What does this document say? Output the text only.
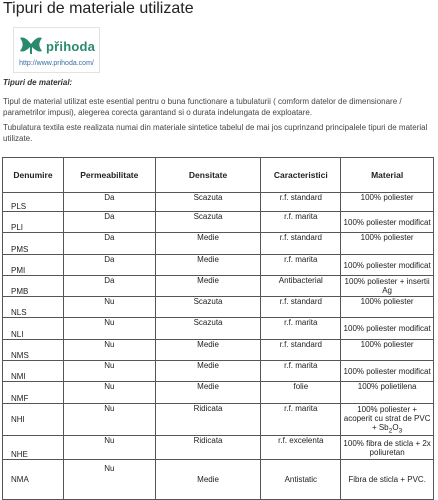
Tipuri de materiale utilizate
přihoda
http://www.prihoda.com/
Tipuri de material:
Tipul de material utilizat este esential pentru o buna functionare a tubulaturii ( comform datelor de dimensionare / parametrilor impusi), alegerea corecta garantand si o durata indelungata de exploatare.
Tubulatura textila este realizata numai din materiale sintetice tabelul de mai jos cuprinzand principalele tipuri de material utilizate.
Denumire	Permeabilitate	Densitate	Caracteristici	Material
PLS	Da	Scazuta	r.f. standard	100% poliester
PLI	Da	Scazuta	r.f. marita	100% poliester modificat
PMS	Da	Medie	r.f. standard	100% poliester
PMI	Da	Medie	r.f. marita	100% poliester modificat
PMB	Da	Medie	Antibacterial	100% poliester + insertii Ag
NLS	Nu	Scazuta	r.f. standard	100% poliester
NLI	Nu	Scazuta	r.f. marita	100% poliester modificat
NMS	Nu	Medie	r.f. standard	100% poliester
NMI	Nu	Medie	r.f. marita	100% poliester modificat
NMF	Nu	Medie	folie	100% polietilena
NHI	Nu	Ridicata	r.f. marita	100% poliester + acoperit cu strat de PVC + $Sb_2O_3$
NHE	Nu	Ridicata	r.f. excelenta	100% fibra de sticla + 2x poliuretan
NMA	Nu	Medie	Antistatic	Fibra de sticla + PVC.
